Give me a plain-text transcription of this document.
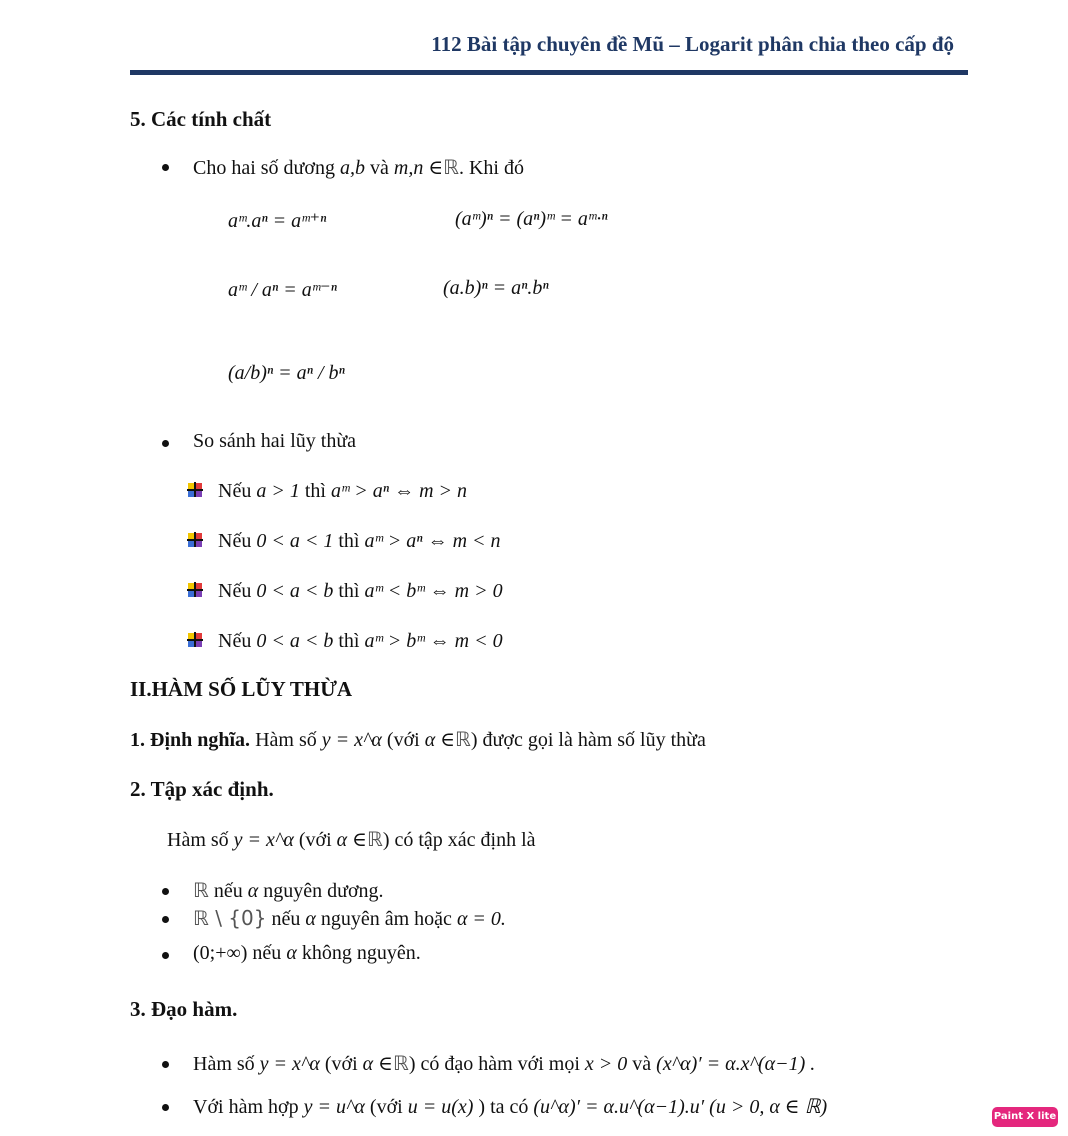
112 Bài tập chuyên đề Mũ – Logarit phân chia theo cấp độ
5. Các tính chất
Cho hai số dương a,b và m,n ∈ℝ. Khi đó
aᵐ.aⁿ = aᵐ⁺ⁿ	(aᵐ)ⁿ = (aⁿ)ᵐ = aᵐ·ⁿ
aᵐ / aⁿ = aᵐ⁻ⁿ	(a.b)ⁿ = aⁿ.bⁿ
(a/b)ⁿ = aⁿ / bⁿ
So sánh hai lũy thừa
Nếu a > 1 thì aᵐ > aⁿ ⇔ m > n
Nếu 0 < a < 1 thì aᵐ > aⁿ ⇔ m < n
Nếu 0 < a < b thì aᵐ < bᵐ ⇔ m > 0
Nếu 0 < a < b thì aᵐ > bᵐ ⇔ m < 0
II.HÀM SỐ LŨY THỪA
1. Định nghĩa. Hàm số y = x^α (với α ∈ℝ) được gọi là hàm số lũy thừa
2. Tập xác định.
Hàm số y = x^α (với α ∈ℝ) có tập xác định là
ℝ nếu α nguyên dương.
ℝ \ {0} nếu α nguyên âm hoặc α = 0.
(0;+∞) nếu α không nguyên.
3. Đạo hàm.
Hàm số y = x^α (với α ∈ℝ) có đạo hàm với mọi x > 0 và (x^α)′ = α.x^(α−1) .
Với hàm hợp y = u^α (với u = u(x) ) ta có (u^α)′ = α.u^(α−1).u′ (u > 0, α ∈ ℝ)	Paint X lite
